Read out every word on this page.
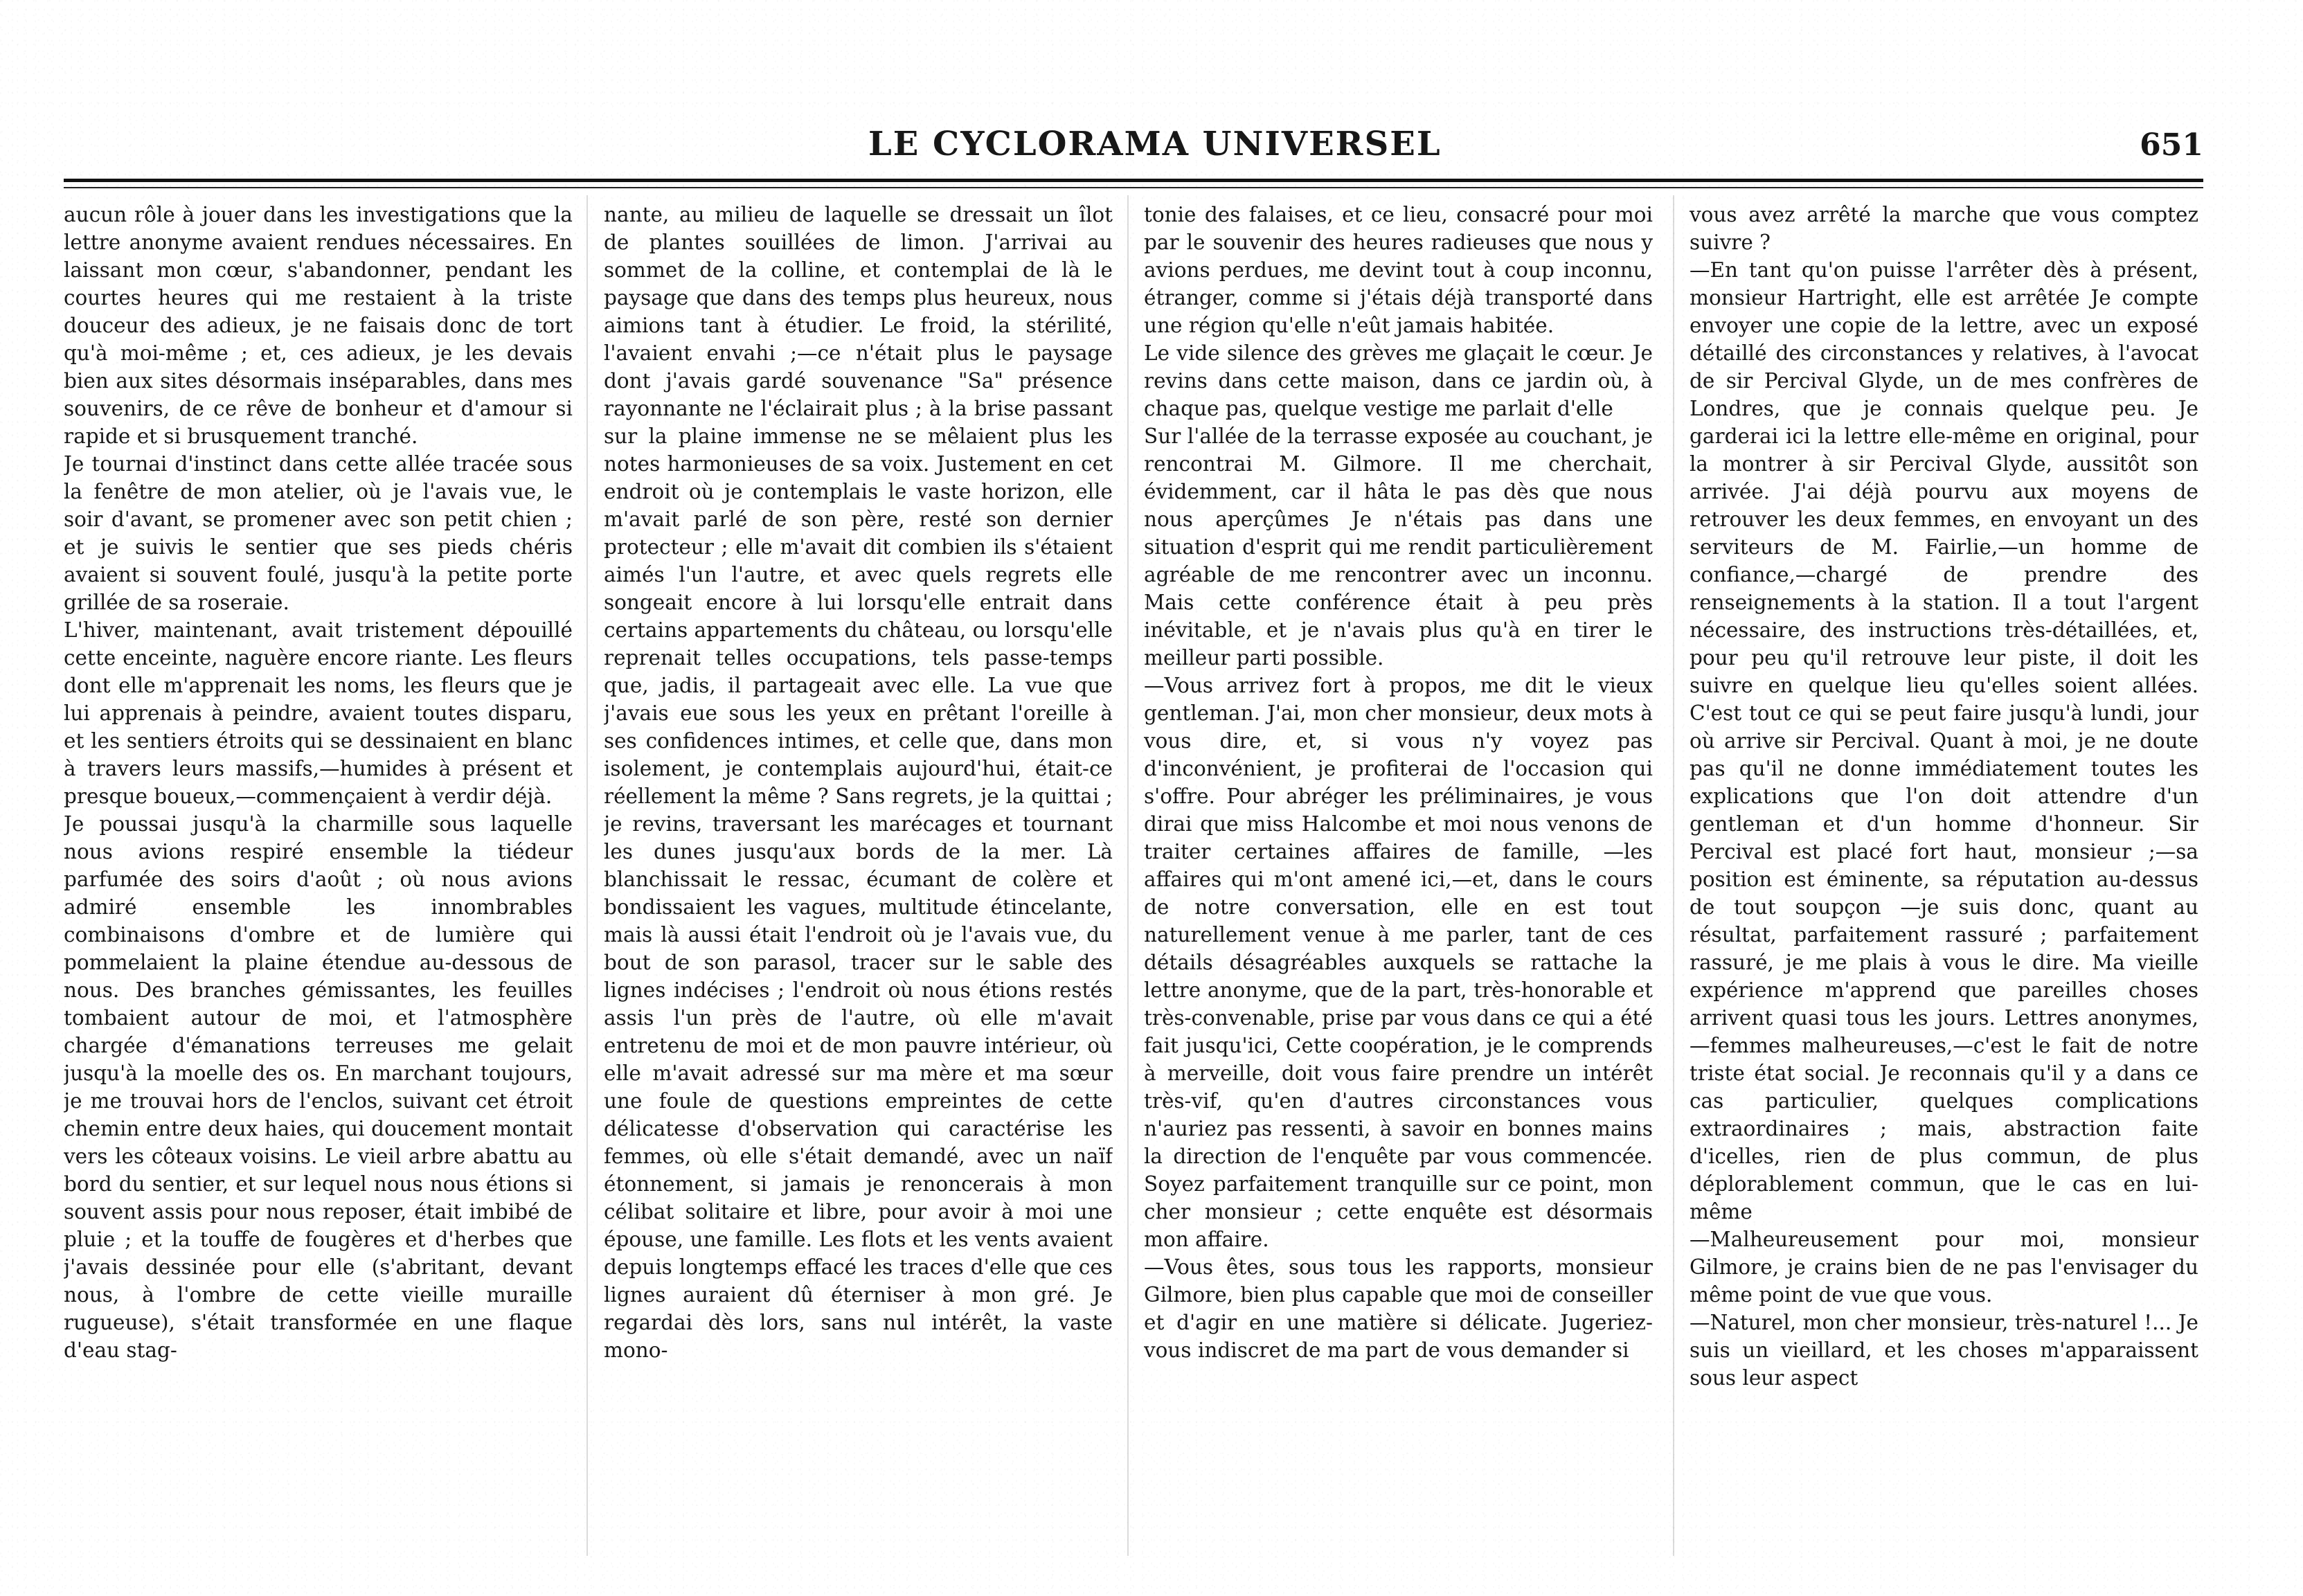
LE CYCLORAMA UNIVERSEL	651

aucun rôle à jouer dans les investigations que la lettre anonyme avaient rendues nécessaires. En laissant mon cœur, s'abandonner, pendant les courtes heures qui me restaient à la triste douceur des adieux, je ne faisais donc de tort qu'à moi-même ; et, ces adieux, je les devais bien aux sites désormais inséparables, dans mes souvenirs, de ce rêve de bonheur et d'amour si rapide et si brusquement tranché.
Je tournai d'instinct dans cette allée tracée sous la fenêtre de mon atelier, où je l'avais vue, le soir d'avant, se promener avec son petit chien ; et je suivis le sentier que ses pieds chéris avaient si souvent foulé, jusqu'à la petite porte grillée de sa roseraie.
L'hiver, maintenant, avait tristement dépouillé cette enceinte, naguère encore riante. Les fleurs dont elle m'apprenait les noms, les fleurs que je lui apprenais à peindre, avaient toutes disparu, et les sentiers étroits qui se dessinaient en blanc à travers leurs massifs,—humides à présent et presque boueux,—commençaient à verdir déjà.
Je poussai jusqu'à la charmille sous laquelle nous avions respiré ensemble la tiédeur parfumée des soirs d'août ; où nous avions admiré ensemble les innombrables combinaisons d'ombre et de lumière qui pommelaient la plaine étendue au-dessous de nous. Des branches gémissantes, les feuilles tombaient autour de moi, et l'atmosphère chargée d'émanations terreuses me gelait jusqu'à la moelle des os. En marchant toujours, je me trouvai hors de l'enclos, suivant cet étroit chemin entre deux haies, qui doucement montait vers les côteaux voisins. Le vieil arbre abattu au bord du sentier, et sur lequel nous nous étions si souvent assis pour nous reposer, était imbibé de pluie ; et la touffe de fougères et d'herbes que j'avais dessinée pour elle (s'abritant, devant nous, à l'ombre de cette vieille muraille rugueuse), s'était transformée en une flaque d'eau stag-

nante, au milieu de laquelle se dressait un îlot de plantes souillées de limon. J'arrivai au sommet de la colline, et contemplai de là le paysage que dans des temps plus heureux, nous aimions tant à étudier. Le froid, la stérilité, l'avaient envahi ;—ce n'était plus le paysage dont j'avais gardé souvenance "Sa" présence rayonnante ne l'éclairait plus ; à la brise passant sur la plaine immense ne se mêlaient plus les notes harmonieuses de sa voix. Justement en cet endroit où je contemplais le vaste horizon, elle m'avait parlé de son père, resté son dernier protecteur ; elle m'avait dit combien ils s'étaient aimés l'un l'autre, et avec quels regrets elle songeait encore à lui lorsqu'elle entrait dans certains appartements du château, ou lorsqu'elle reprenait telles occupations, tels passe-temps que, jadis, il partageait avec elle. La vue que j'avais eue sous les yeux en prêtant l'oreille à ses confidences intimes, et celle que, dans mon isolement, je contemplais aujourd'hui, était-ce réellement la même ? Sans regrets, je la quittai ; je revins, traversant les marécages et tournant les dunes jusqu'aux bords de la mer. Là blanchissait le ressac, écumant de colère et bondissaient les vagues, multitude étincelante, mais là aussi était l'endroit où je l'avais vue, du bout de son parasol, tracer sur le sable des lignes indécises ; l'endroit où nous étions restés assis l'un près de l'autre, où elle m'avait entretenu de moi et de mon pauvre intérieur, où elle m'avait adressé sur ma mère et ma sœur une foule de questions empreintes de cette délicatesse d'observation qui caractérise les femmes, où elle s'était demandé, avec un naïf étonnement, si jamais je renoncerais à mon célibat solitaire et libre, pour avoir à moi une épouse, une famille. Les flots et les vents avaient depuis longtemps effacé les traces d'elle que ces lignes auraient dû éterniser à mon gré. Je regardai dès lors, sans nul intérêt, la vaste mono-

tonie des falaises, et ce lieu, consacré pour moi par le souvenir des heures radieuses que nous y avions perdues, me devint tout à coup inconnu, étranger, comme si j'étais déjà transporté dans une région qu'elle n'eût jamais habitée.
Le vide silence des grèves me glaçait le cœur. Je revins dans cette maison, dans ce jardin où, à chaque pas, quelque vestige me parlait d'elle
Sur l'allée de la terrasse exposée au couchant, je rencontrai M. Gilmore. Il me cherchait, évidemment, car il hâta le pas dès que nous nous aperçûmes Je n'étais pas dans une situation d'esprit qui me rendit particulièrement agréable de me rencontrer avec un inconnu. Mais cette conférence était à peu près inévitable, et je n'avais plus qu'à en tirer le meilleur parti possible.
—Vous arrivez fort à propos, me dit le vieux gentleman. J'ai, mon cher monsieur, deux mots à vous dire, et, si vous n'y voyez pas d'inconvénient, je profiterai de l'occasion qui s'offre. Pour abréger les préliminaires, je vous dirai que miss Halcombe et moi nous venons de traiter certaines affaires de famille, —les affaires qui m'ont amené ici,—et, dans le cours de notre conversation, elle en est tout naturellement venue à me parler, tant de ces détails désagréables auxquels se rattache la lettre anonyme, que de la part, très-honorable et très-convenable, prise par vous dans ce qui a été fait jusqu'ici, Cette coopération, je le comprends à merveille, doit vous faire prendre un intérêt très-vif, qu'en d'autres circonstances vous n'auriez pas ressenti, à savoir en bonnes mains la direction de l'enquête par vous commencée. Soyez parfaitement tranquille sur ce point, mon cher monsieur ; cette enquête est désormais mon affaire.
—Vous êtes, sous tous les rapports, monsieur Gilmore, bien plus capable que moi de conseiller et d'agir en une matière si délicate. Jugeriez-vous indiscret de ma part de vous demander si

vous avez arrêté la marche que vous comptez suivre ?
—En tant qu'on puisse l'arrêter dès à présent, monsieur Hartright, elle est arrêtée Je compte envoyer une copie de la lettre, avec un exposé détaillé des circonstances y relatives, à l'avocat de sir Percival Glyde, un de mes confrères de Londres, que je connais quelque peu. Je garderai ici la lettre elle-même en original, pour la montrer à sir Percival Glyde, aussitôt son arrivée. J'ai déjà pourvu aux moyens de retrouver les deux femmes, en envoyant un des serviteurs de M. Fairlie,—un homme de confiance,—chargé de prendre des renseignements à la station. Il a tout l'argent nécessaire, des instructions très-détaillées, et, pour peu qu'il retrouve leur piste, il doit les suivre en quelque lieu qu'elles soient allées. C'est tout ce qui se peut faire jusqu'à lundi, jour où arrive sir Percival. Quant à moi, je ne doute pas qu'il ne donne immédiatement toutes les explications que l'on doit attendre d'un gentleman et d'un homme d'honneur. Sir Percival est placé fort haut, monsieur ;—sa position est éminente, sa réputation au-dessus de tout soupçon —je suis donc, quant au résultat, parfaitement rassuré ; parfaitement rassuré, je me plais à vous le dire. Ma vieille expérience m'apprend que pareilles choses arrivent quasi tous les jours. Lettres anonymes,—femmes malheureuses,—c'est le fait de notre triste état social. Je reconnais qu'il y a dans ce cas particulier, quelques complications extraordinaires ; mais, abstraction faite d'icelles, rien de plus commun, de plus déplorablement commun, que le cas en lui-même
—Malheureusement pour moi, monsieur Gilmore, je crains bien de ne pas l'envisager du même point de vue que vous.
—Naturel, mon cher monsieur, très-naturel !... Je suis un vieillard, et les choses m'apparaissent sous leur aspect
